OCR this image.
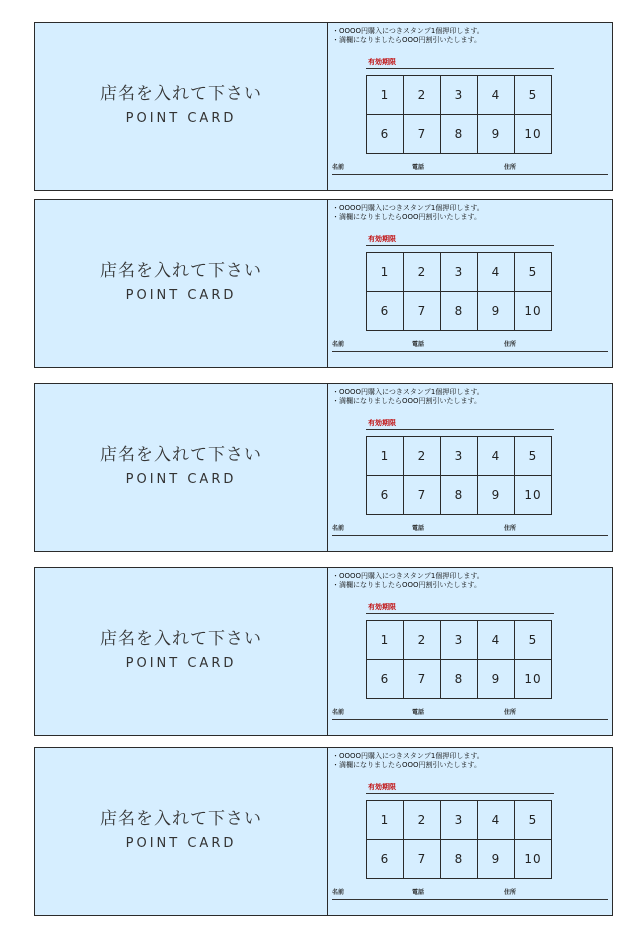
店名を入れて下さい
POINT CARD
・OOOO円購入につきスタンプ1個押印します。
・満欄になりましたらOOO円割引いたします。
有効期限
1	2	3	4	5
6	7	8	9	10
名前	電話	住所
店名を入れて下さい
POINT CARD
・OOOO円購入につきスタンプ1個押印します。
・満欄になりましたらOOO円割引いたします。
有効期限
1	2	3	4	5
6	7	8	9	10
名前	電話	住所
店名を入れて下さい
POINT CARD
・OOOO円購入につきスタンプ1個押印します。
・満欄になりましたらOOO円割引いたします。
有効期限
1	2	3	4	5
6	7	8	9	10
名前	電話	住所
店名を入れて下さい
POINT CARD
・OOOO円購入につきスタンプ1個押印します。
・満欄になりましたらOOO円割引いたします。
有効期限
1	2	3	4	5
6	7	8	9	10
名前	電話	住所
店名を入れて下さい
POINT CARD
・OOOO円購入につきスタンプ1個押印します。
・満欄になりましたらOOO円割引いたします。
有効期限
1	2	3	4	5
6	7	8	9	10
名前	電話	住所
